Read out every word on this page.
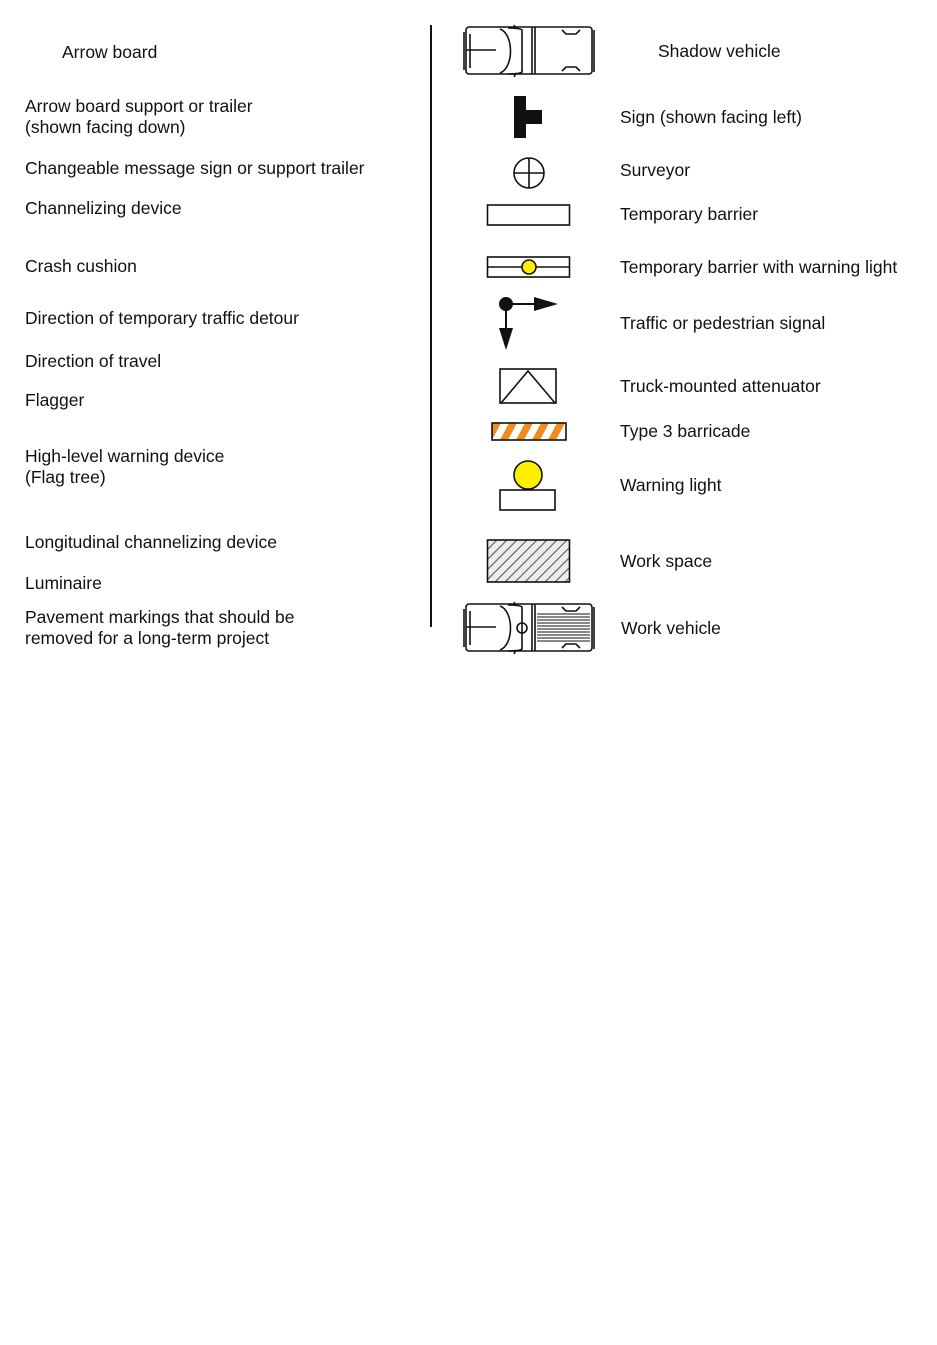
Arrow board
Arrow board support or trailer
(shown facing down)
Changeable message sign or support trailer
Channelizing device
Crash cushion
Direction of temporary traffic detour
Direction of travel
Flagger
High-level warning device
(Flag tree)
Longitudinal channelizing device
Luminaire
Pavement markings that should be
removed for a long-term project
Shadow vehicle
Sign (shown facing left)
Surveyor
Temporary barrier
Temporary barrier with warning light
Traffic or pedestrian signal
Truck-mounted attenuator
Type 3 barricade
Warning light
Work space
Work vehicle
